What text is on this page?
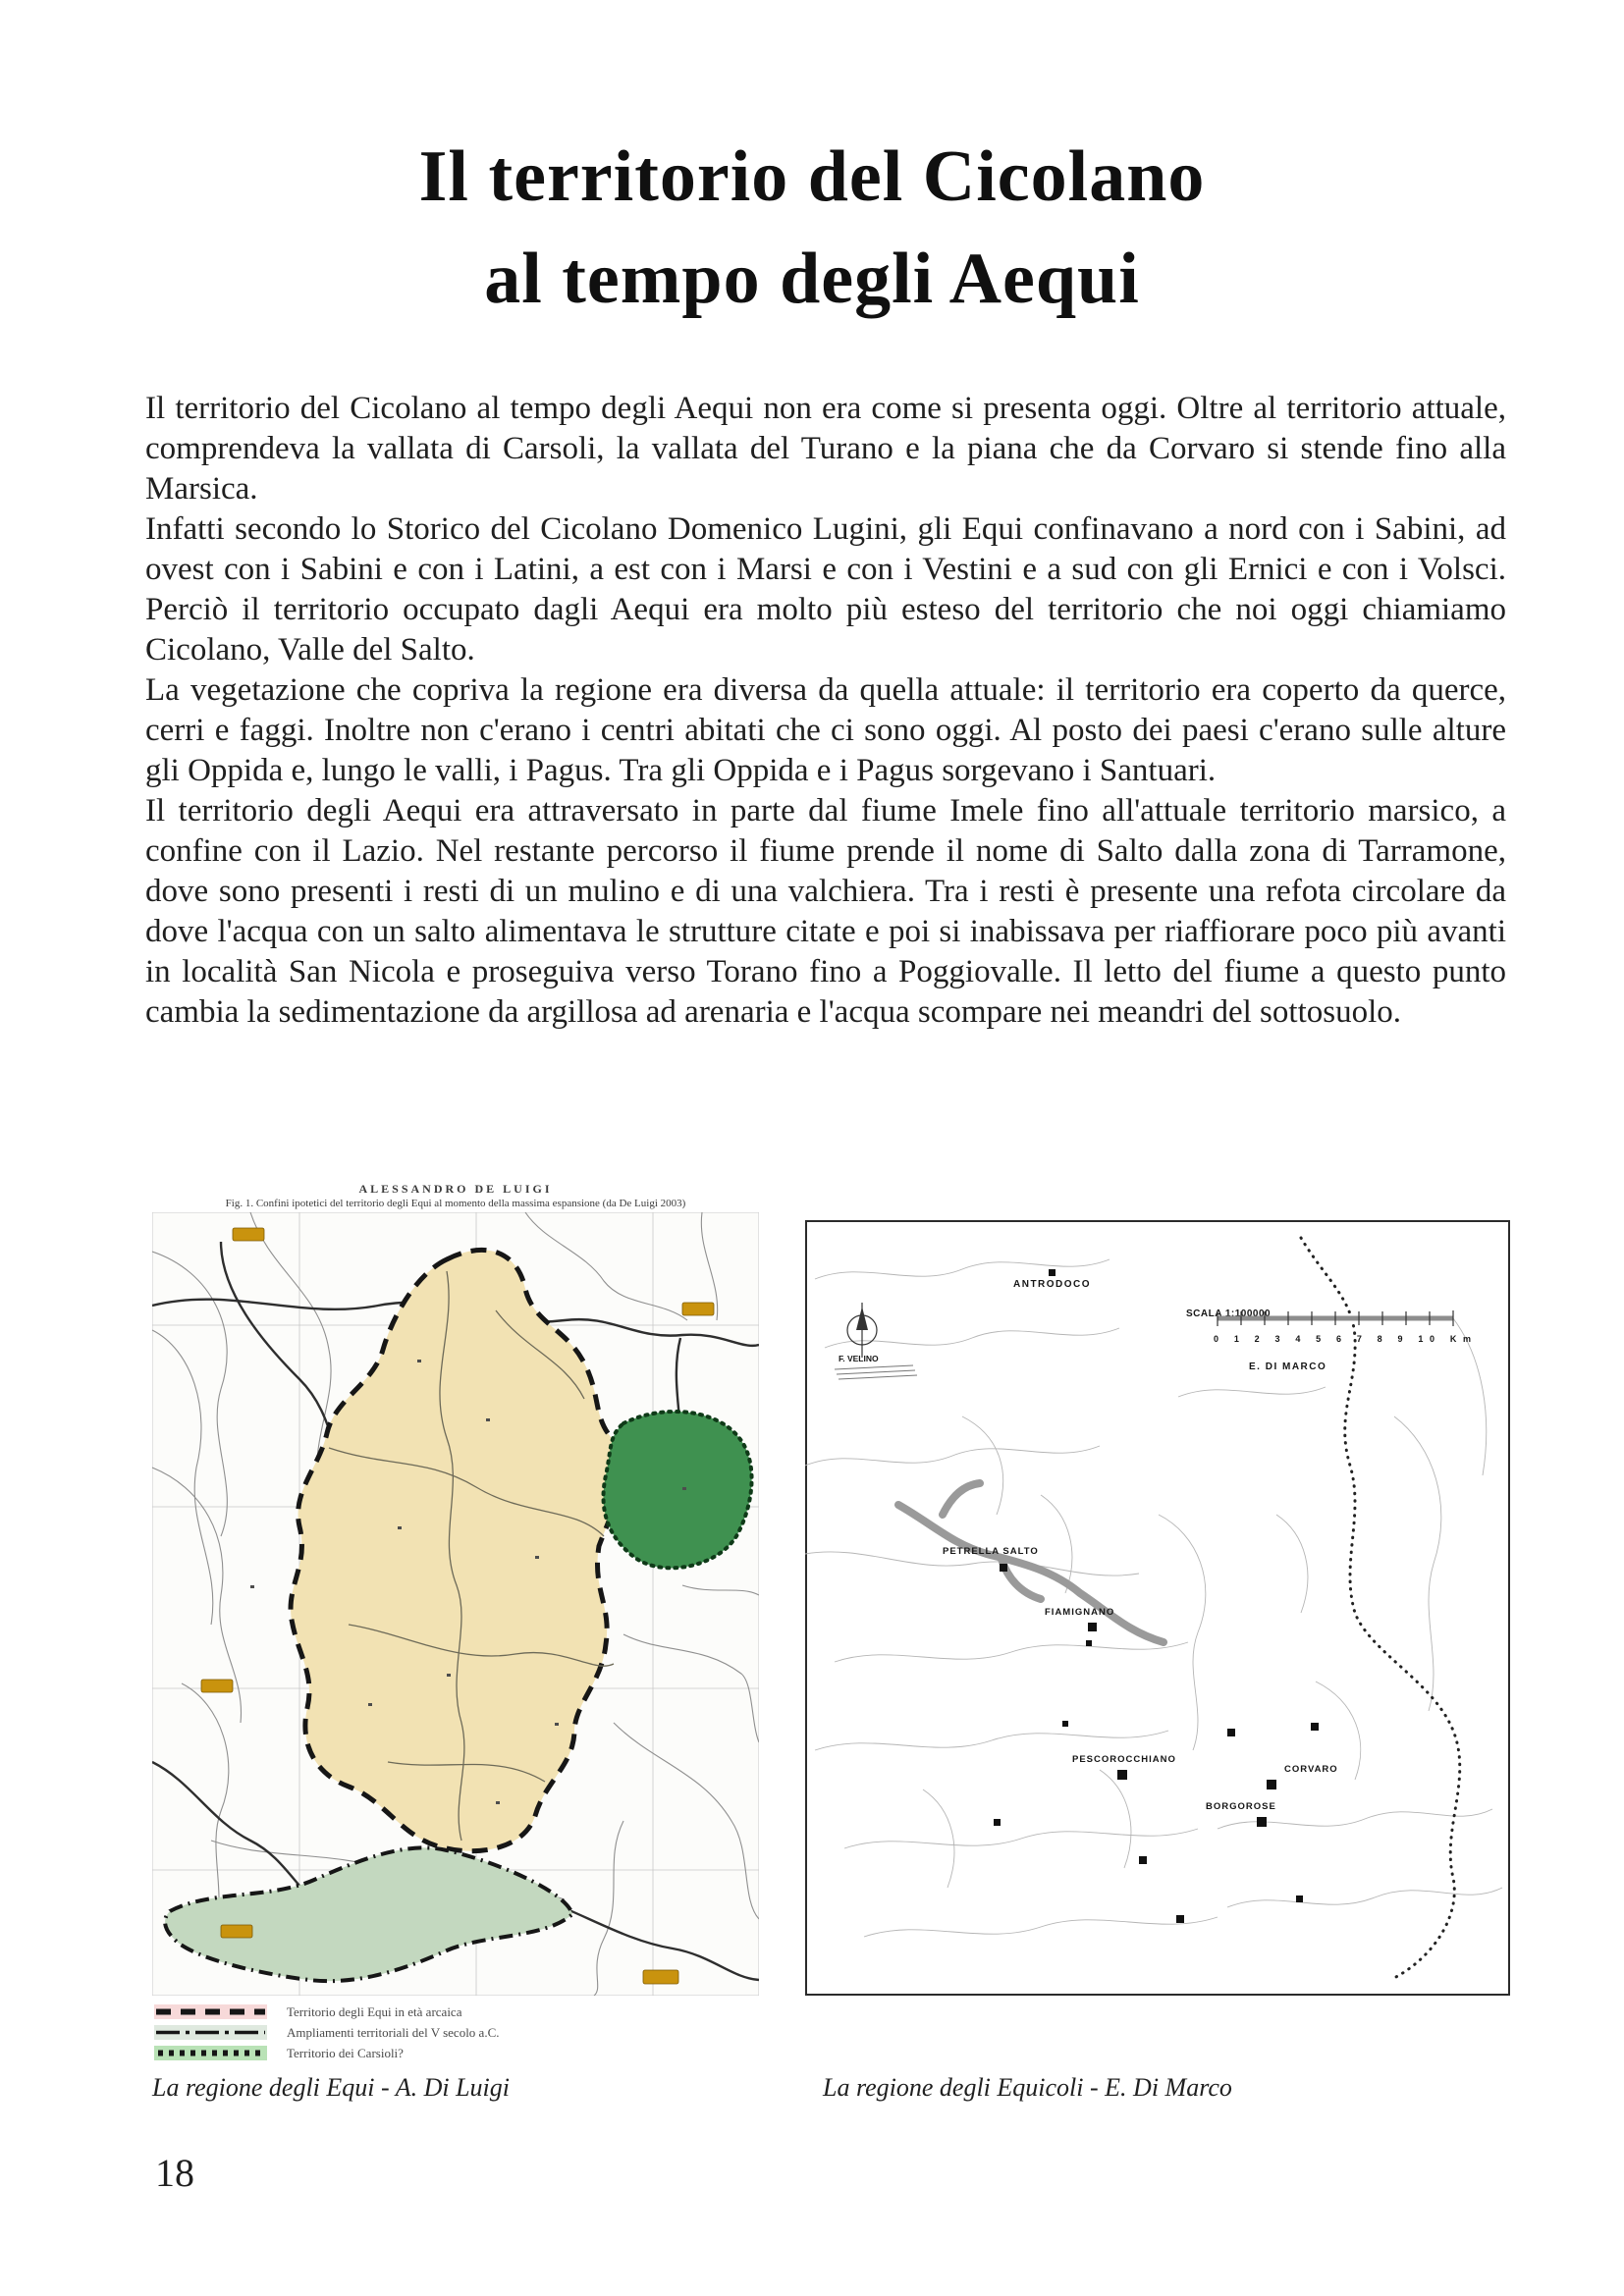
Il territorio del Cicolano
al tempo degli Aequi

Il territorio del Cicolano al tempo degli Aequi non era come si presenta oggi. Oltre al territorio attuale, comprendeva la vallata di Carsoli, la vallata del Turano e la piana che da Corvaro si stende fino alla Marsica.

Infatti secondo lo Storico del Cicolano Domenico Lugini, gli Equi confinavano a nord con i Sabini, ad ovest con i Sabini e con i Latini, a est con i Marsi e con i Vestini e a sud con gli Ernici e con i Volsci. Perciò il territorio occupato dagli Aequi era molto più esteso del territorio che noi oggi chiamiamo Cicolano, Valle del Salto.

La vegetazione che copriva la regione era diversa da quella attuale: il territorio era coperto da querce, cerri e faggi. Inoltre non c'erano i centri abitati che ci sono oggi. Al posto dei paesi c'erano sulle alture gli Oppida e, lungo le valli, i Pagus. Tra gli Oppida e i Pagus sorgevano i Santuari.

Il territorio degli Aequi era attraversato in parte dal fiume Imele fino all'attuale territorio marsico, a confine con il Lazio. Nel restante percorso il fiume prende il nome di Salto dalla zona di Tarramone, dove sono presenti i resti di un mulino e di una valchiera. Tra i resti è presente una refota circolare da dove l'acqua con un salto alimentava le strutture citate e poi si inabissava per riaffiorare poco più avanti in località San Nicola e proseguiva verso Torano fino a Poggiovalle. Il letto del fiume a questo punto cambia la sedimentazione da argillosa ad arenaria e l'acqua scompare nei meandri del sottosuolo.

ALESSANDRO DE LUIGI
Fig. 1. Confini ipotetici del territorio degli Equi al momento della massima espansione (da De Luigi 2003)
Territorio degli Equi in età arcaica
Ampliamenti territoriali del V secolo a.C.
Territorio dei Carsioli?
ANTRODOCO
F. VELINO
PETRELLA SALTO
FIAMIGNANO
PESCOROCCHIANO
CORVARO
BORGOROSE
SCALA 1:100000
0 1 2 3 4 5 6 7 8 9 10 Km
E. DI MARCO
La regione degli Equi - A. Di Luigi	La regione degli Equicoli - E. Di Marco
18
